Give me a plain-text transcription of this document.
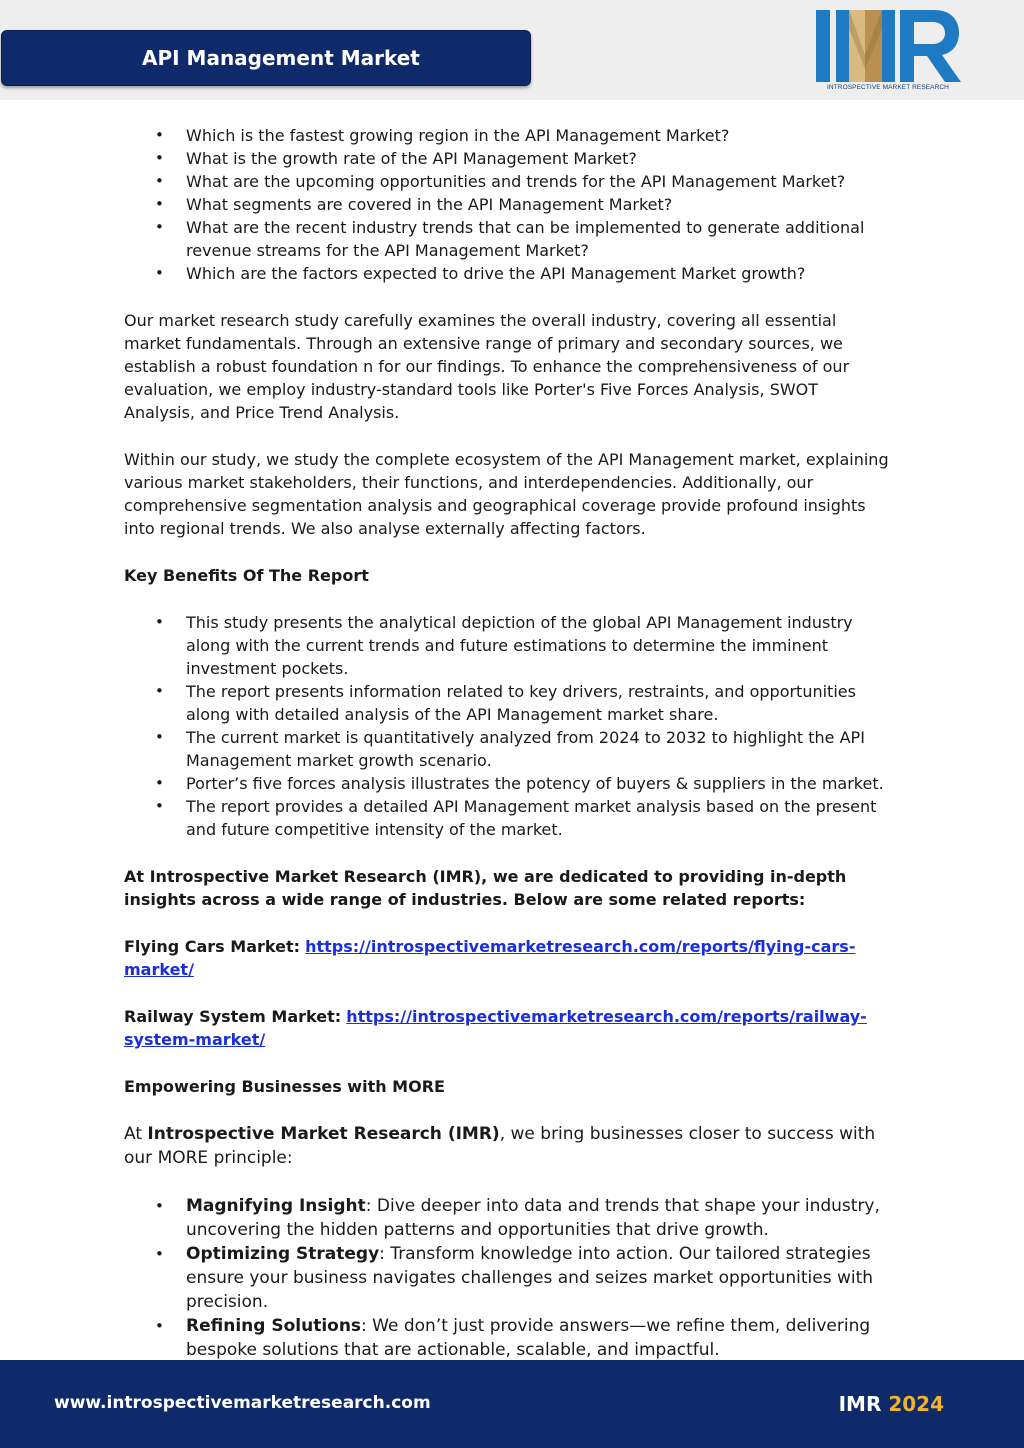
API Management Market
INTROSPECTIVE MARKET RESEARCH
• Which is the fastest growing region in the API Management Market?
• What is the growth rate of the API Management Market?
• What are the upcoming opportunities and trends for the API Management Market?
• What segments are covered in the API Management Market?
• What are the recent industry trends that can be implemented to generate additional revenue streams for the API Management Market?
• Which are the factors expected to drive the API Management Market growth?

Our market research study carefully examines the overall industry, covering all essential market fundamentals. Through an extensive range of primary and secondary sources, we establish a robust foundation n for our findings. To enhance the comprehensiveness of our evaluation, we employ industry-standard tools like Porter's Five Forces Analysis, SWOT Analysis, and Price Trend Analysis.

Within our study, we study the complete ecosystem of the API Management market, explaining various market stakeholders, their functions, and interdependencies. Additionally, our comprehensive segmentation analysis and geographical coverage provide profound insights into regional trends. We also analyse externally affecting factors.

Key Benefits Of The Report

• This study presents the analytical depiction of the global API Management industry along with the current trends and future estimations to determine the imminent investment pockets.
• The report presents information related to key drivers, restraints, and opportunities along with detailed analysis of the API Management market share.
• The current market is quantitatively analyzed from 2024 to 2032 to highlight the API Management market growth scenario.
• Porter’s five forces analysis illustrates the potency of buyers & suppliers in the market.
• The report provides a detailed API Management market analysis based on the present and future competitive intensity of the market.

At Introspective Market Research (IMR), we are dedicated to providing in-depth insights across a wide range of industries. Below are some related reports:

Flying Cars Market: https://introspectivemarketresearch.com/reports/flying-cars-market/

Railway System Market: https://introspectivemarketresearch.com/reports/railway-system-market/

Empowering Businesses with MORE

At Introspective Market Research (IMR), we bring businesses closer to success with our MORE principle:

• Magnifying Insight: Dive deeper into data and trends that shape your industry, uncovering the hidden patterns and opportunities that drive growth.
• Optimizing Strategy: Transform knowledge into action. Our tailored strategies ensure your business navigates challenges and seizes market opportunities with precision.
• Refining Solutions: We don’t just provide answers—we refine them, delivering bespoke solutions that are actionable, scalable, and impactful.
www.introspectivemarketresearch.com	IMR 2024
